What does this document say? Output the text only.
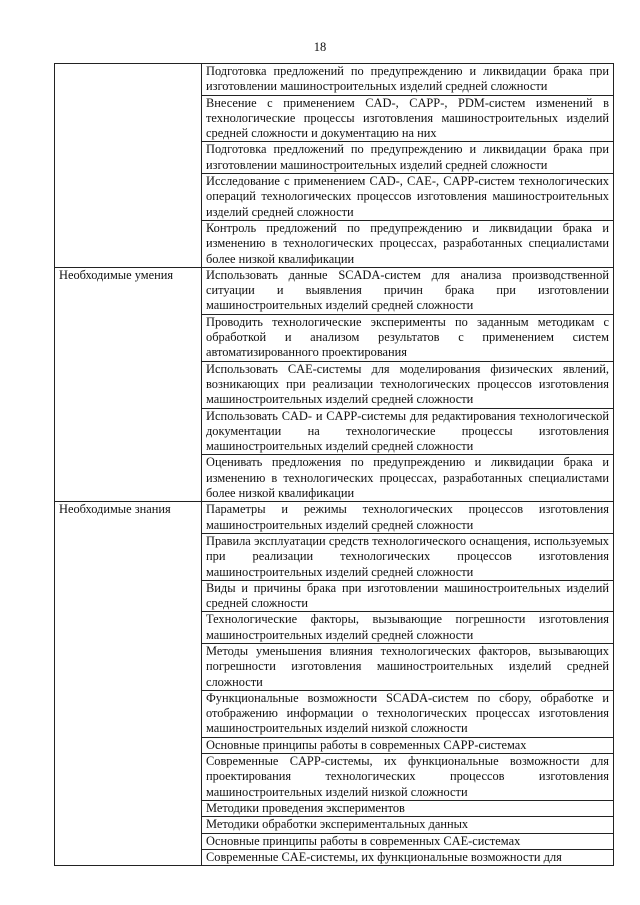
18

	Подготовка предложений по предупреждению и ликвидации брака при изготовлении машиностроительных изделий средней сложности

	Внесение с применением CAD-, CAPP-, PDM-систем изменений в технологические процессы изготовления машиностроительных изделий средней сложности и документацию на них

	Подготовка предложений по предупреждению и ликвидации брака при изготовлении машиностроительных изделий средней сложности

	Исследование с применением CAD-, CAE-, CAPP-систем технологических операций технологических процессов изготовления машиностроительных изделий средней сложности

	Контроль предложений по предупреждению и ликвидации брака и изменению в технологических процессах, разработанных специалистами более низкой квалификации

Необходимые умения	Использовать данные SCADA-систем для анализа производственной ситуации и выявления причин брака при изготовлении машиностроительных изделий средней сложности

	Проводить технологические эксперименты по заданным методикам с обработкой и анализом результатов с применением систем автоматизированного проектирования

	Использовать CAE-системы для моделирования физических явлений, возникающих при реализации технологических процессов изготовления машиностроительных изделий средней сложности

	Использовать CAD- и CAPP-системы для редактирования технологической документации на технологические процессы изготовления машиностроительных изделий средней сложности

	Оценивать предложения по предупреждению и ликвидации брака и изменению в технологических процессах, разработанных специалистами более низкой квалификации

Необходимые знания	Параметры и режимы технологических процессов изготовления машиностроительных изделий средней сложности

	Правила эксплуатации средств технологического оснащения, используемых при реализации технологических процессов изготовления машиностроительных изделий средней сложности

	Виды и причины брака при изготовлении машиностроительных изделий средней сложности

	Технологические факторы, вызывающие погрешности изготовления машиностроительных изделий средней сложности

	Методы уменьшения влияния технологических факторов, вызывающих погрешности изготовления машиностроительных изделий средней сложности

	Функциональные возможности SCADA-систем по сбору, обработке и отображению информации о технологических процессах изготовления машиностроительных изделий низкой сложности

	Основные принципы работы в современных CAPP-системах

	Современные CAPP-системы, их функциональные возможности для проектирования технологических процессов изготовления машиностроительных изделий низкой сложности

	Методики проведения экспериментов

	Методики обработки экспериментальных данных

	Основные принципы работы в современных CAE-системах

	Современные CAE-системы, их функциональные возможности для
